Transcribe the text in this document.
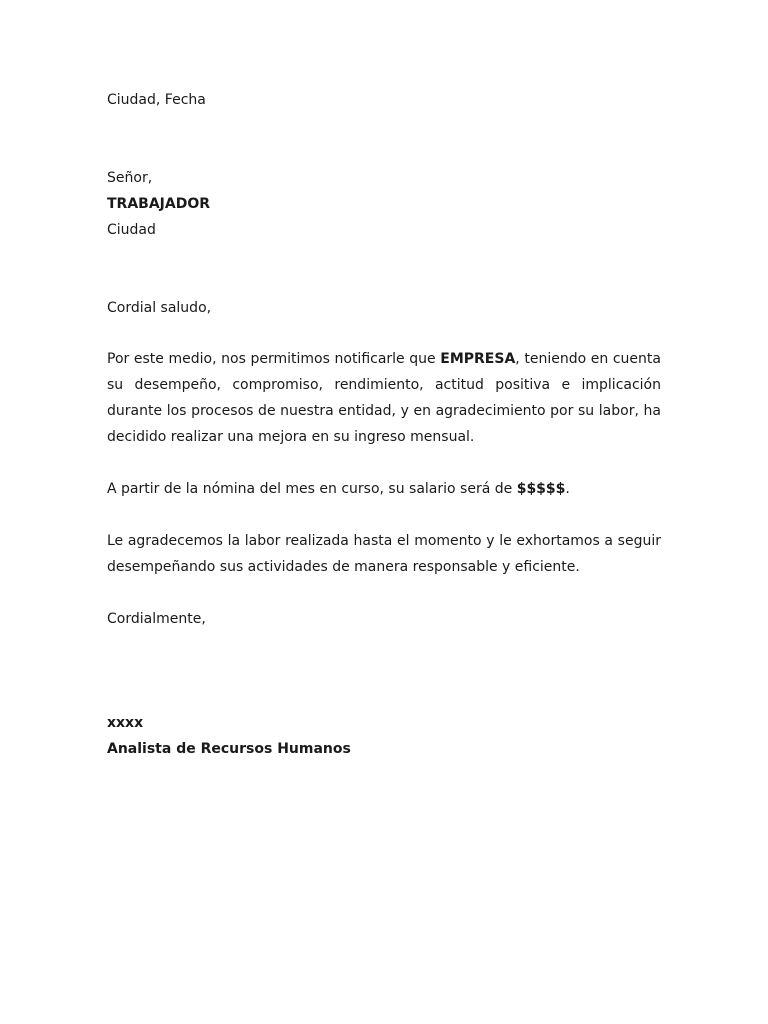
Ciudad, Fecha
Señor,
TRABAJADOR
Ciudad
Cordial saludo,

Por este medio, nos permitimos notificarle que EMPRESA, teniendo en cuenta su desempeño, compromiso, rendimiento, actitud positiva e implicación durante los procesos de nuestra entidad, y en agradecimiento por su labor, ha decidido realizar una mejora en su ingreso mensual.

A partir de la nómina del mes en curso, su salario será de $$$$$.

Le agradecemos la labor realizada hasta el momento y le exhortamos a seguir desempeñando sus actividades de manera responsable y eficiente.

Cordialmente,
xxxx
Analista de Recursos Humanos
